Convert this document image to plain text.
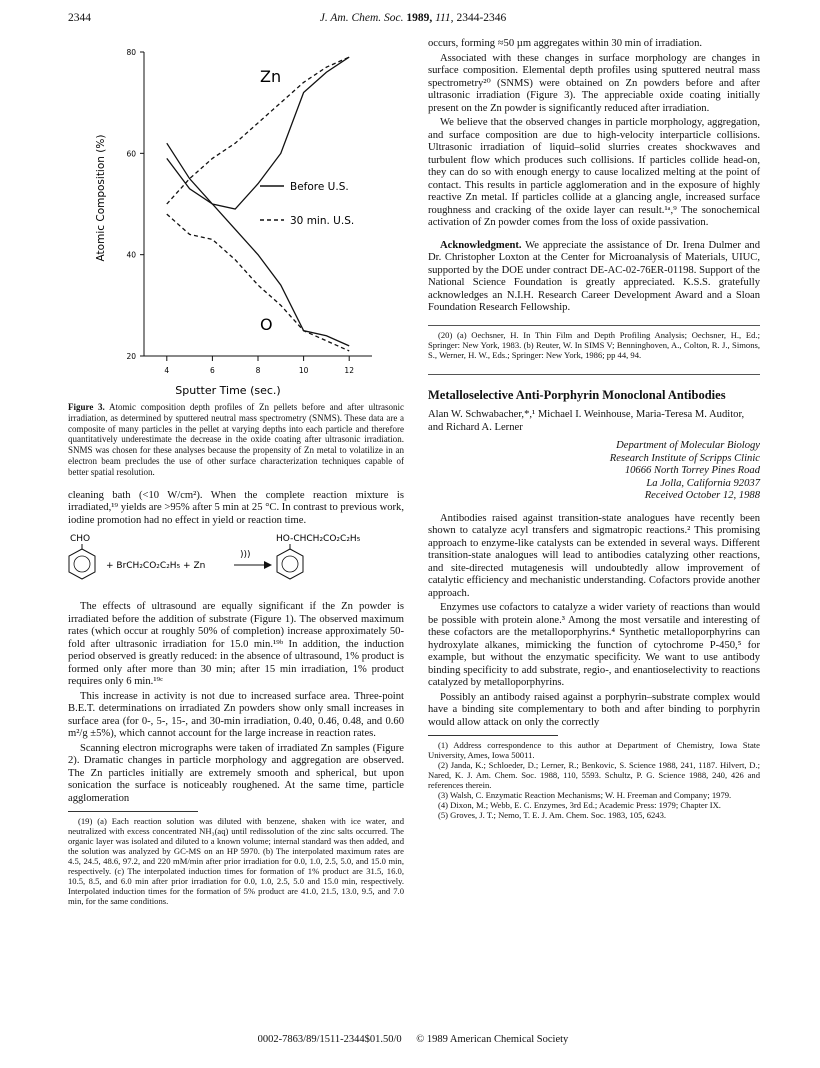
2344	J. Am. Chem. Soc. 1989, 111, 2344-2346
80
60
40
20
4	6	8	10	12
Zn
O
Before U.S.
30 min. U.S.
Atomic Composition (%)
Sputter Time (sec.)
Figure 3. Atomic composition depth profiles of Zn pellets before and after ultrasonic irradiation, as determined by sputtered neutral mass spectrometry (SNMS). These data are a composite of many particles in the pellet at varying depths into each particle and therefore quantitatively underestimate the decrease in the oxide coating after ultrasonic irradiation. SNMS was chosen for these analyses because the propensity of Zn metal to volatilize in an electron beam precludes the use of other surface characterization techniques capable of better spatial resolution.

cleaning bath (<10 W/cm²). When the complete reaction mixture is irradiated,¹⁹ yields are >95% after 5 min at 25 °C. In contrast to previous work, iodine promotion had no effect in yield or reaction time.

CHO
+ BrCH₂CO₂C₂H₅ + Zn
)))
HO-CHCH₂CO₂C₂H₅

The effects of ultrasound are equally significant if the Zn powder is irradiated before the addition of substrate (Figure 1). The observed maximum rates (which occur at roughly 50% of completion) increase approximately 50-fold after ultrasonic irradiation for 15.0 min.¹⁹ᵇ In addition, the induction period observed is greatly reduced: in the absence of ultrasound, 1% product is formed only after more than 30 min; after 15 min irradiation, 1% product requires only 6 min.¹⁹ᶜ

This increase in activity is not due to increased surface area. Three-point B.E.T. determinations on irradiated Zn powders show only small increases in surface area (for 0-, 5-, 15-, and 30-min irradiation, 0.40, 0.46, 0.48, and 0.60 m²/g ±5%), which cannot account for the large increase in reaction rates.

Scanning electron micrographs were taken of irradiated Zn samples (Figure 2). Dramatic changes in particle morphology and aggregation are observed. The Zn particles initially are extremely smooth and spherical, but upon sonication the surface is noticeably roughened. At the same time, particle agglomeration

(19) (a) Each reaction solution was diluted with benzene, shaken with ice water, and neutralized with excess concentrated NH₃(aq) until redissolution of the zinc salts occurred. The organic layer was isolated and diluted to a known volume; internal standard was then added, and the solution was analyzed by GC-MS on an HP 5970. (b) The interpolated maximum rates are 4.5, 24.5, 48.6, 97.2, and 220 mM/min after prior irradiation for 0.0, 1.0, 2.5, 5.0, and 15.0 min, respectively. (c) The interpolated induction times for formation of 1% product are 31.5, 16.0, 10.5, 8.5, and 6.0 min after prior irradiation for 0.0, 1.0, 2.5, 5.0 and 15.0 min, respectively. Interpolated induction times for the formation of 5% product are 41.0, 21.5, 13.0, 9.5, and 7.0 min, for the same conditions.

occurs, forming ≈50 µm aggregates within 30 min of irradiation.

Associated with these changes in surface morphology are changes in surface composition. Elemental depth profiles using sputtered neutral mass spectrometry²⁰ (SNMS) were obtained on Zn powders before and after ultrasonic irradiation (Figure 3). The appreciable oxide coating initially present on the Zn powder is significantly reduced after irradiation.

We believe that the observed changes in particle morphology, aggregation, and surface composition are due to high-velocity interparticle collisions. Ultrasonic irradiation of liquid–solid slurries creates shockwaves and turbulent flow which produces such collisions. If particles collide head-on, they can do so with enough energy to cause localized melting at the point of contact. This results in particle agglomeration and in the exposure of highly reactive Zn metal. If particles collide at a glancing angle, increased surface roughness and cracking of the oxide layer can result.¹ᵃ,⁹ The sonochemical activation of Zn powder comes from the loss of oxide passivation.

Acknowledgment. We appreciate the assistance of Dr. Irena Dulmer and Dr. Christopher Loxton at the Center for Microanalysis of Materials, UIUC, supported by the DOE under contract DE-AC-02-76ER-01198. Support of the National Science Foundation is greatly appreciated. K.S.S. gratefully acknowledges an N.I.H. Research Career Development Award and a Sloan Foundation Research Fellowship.

(20) (a) Oechsner, H. In Thin Film and Depth Profiling Analysis; Oechsner, H., Ed.; Springer: New York, 1983. (b) Reuter, W. In SIMS V; Benninghoven, A., Colton, R. J., Simons, S., Werner, H. W., Eds.; Springer: New York, 1986; pp 44, 94.

Metalloselective Anti-Porphyrin Monoclonal Antibodies
Alan W. Schwabacher,*,¹ Michael I. Weinhouse, Maria-Teresa M. Auditor, and Richard A. Lerner
Department of Molecular Biology
Research Institute of Scripps Clinic
10666 North Torrey Pines Road
La Jolla, California 92037
Received October 12, 1988

Antibodies raised against transition-state analogues have recently been shown to catalyze acyl transfers and sigmatropic reactions.² This promising approach to enzyme-like catalysts can be extended in several ways. Different transition-state analogues will lead to antibodies catalyzing other reactions, and site-directed mutagenesis will undoubtedly allow improvement of catalytic efficiency and mechanistic understanding. Cofactors provide another approach.

Enzymes use cofactors to catalyze a wider variety of reactions than would be possible with protein alone.³ Among the most versatile and interesting of these cofactors are the metalloporphyrins.⁴ Synthetic metalloporphyrins can hydroxylate alkanes, mimicking the function of cytochrome P-450,⁵ for example, but without the enzymatic specificity. We want to use antibody binding specificity to add substrate, regio-, and enantioselectivity to reactions catalyzed by metalloporphyrins.

Possibly an antibody raised against a porphyrin–substrate complex would have a binding site complementary to both and after binding to porphyrin would allow attack on only the correctly

(1) Address correspondence to this author at Department of Chemistry, Iowa State University, Ames, Iowa 50011.

(2) Janda, K.; Schloeder, D.; Lerner, R.; Benkovic, S. Science 1988, 241, 1187. Hilvert, D.; Nared, K. J. Am. Chem. Soc. 1988, 110, 5593. Schultz, P. G. Science 1988, 240, 426 and references therein.

(3) Walsh, C. Enzymatic Reaction Mechanisms; W. H. Freeman and Company; 1979.

(4) Dixon, M.; Webb, E. C. Enzymes, 3rd Ed.; Academic Press: 1979; Chapter IX.

(5) Groves, J. T.; Nemo, T. E. J. Am. Chem. Soc. 1983, 105, 6243.

0002-7863/89/1511-2344$01.50/0 © 1989 American Chemical Society
